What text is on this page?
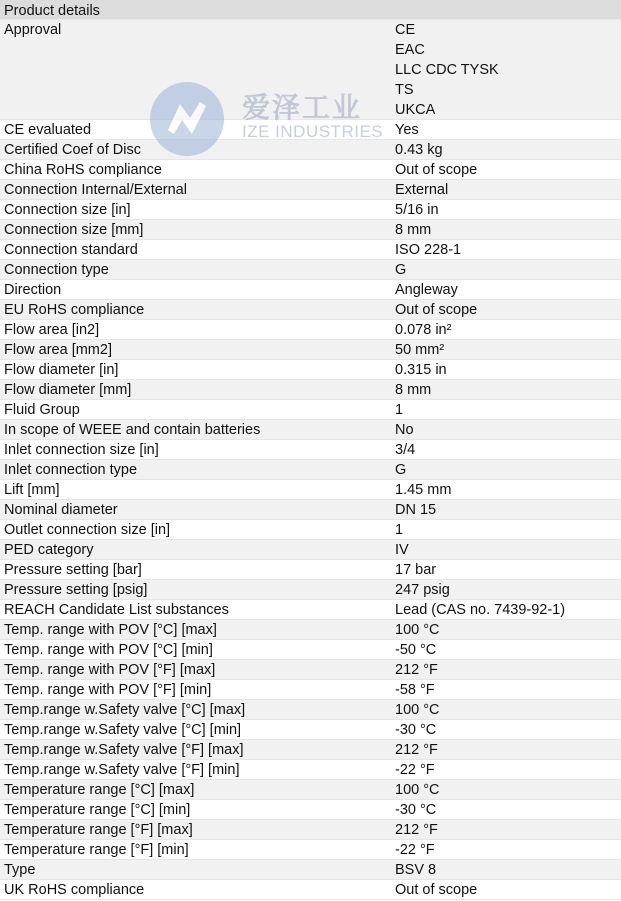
Product details
Approval	CE
EAC
LLC CDC TYSK
TS
UKCA
CE evaluated	Yes
Certified Coef of Disc	0.43 kg
China RoHS compliance	Out of scope
Connection Internal/External	External
Connection size [in]	5/16 in
Connection size [mm]	8 mm
Connection standard	ISO 228-1
Connection type	G
Direction	Angleway
EU RoHS compliance	Out of scope
Flow area [in2]	0.078 in²
Flow area [mm2]	50 mm²
Flow diameter [in]	0.315 in
Flow diameter [mm]	8 mm
Fluid Group	1
In scope of WEEE and contain batteries	No
Inlet connection size [in]	3/4
Inlet connection type	G
Lift [mm]	1.45 mm
Nominal diameter	DN 15
Outlet connection size [in]	1
PED category	IV
Pressure setting [bar]	17 bar
Pressure setting [psig]	247 psig
REACH Candidate List substances	Lead (CAS no. 7439-92-1)
Temp. range with POV [°C] [max]	100 °C
Temp. range with POV [°C] [min]	-50 °C
Temp. range with POV [°F] [max]	212 °F
Temp. range with POV [°F] [min]	-58 °F
Temp.range w.Safety valve [°C] [max]	100 °C
Temp.range w.Safety valve [°C] [min]	-30 °C
Temp.range w.Safety valve [°F] [max]	212 °F
Temp.range w.Safety valve [°F] [min]	-22 °F
Temperature range [°C] [max]	100 °C
Temperature range [°C] [min]	-30 °C
Temperature range [°F] [max]	212 °F
Temperature range [°F] [min]	-22 °F
Type	BSV 8
UK RoHS compliance	Out of scope
爱泽工业
IZE INDUSTRIES
